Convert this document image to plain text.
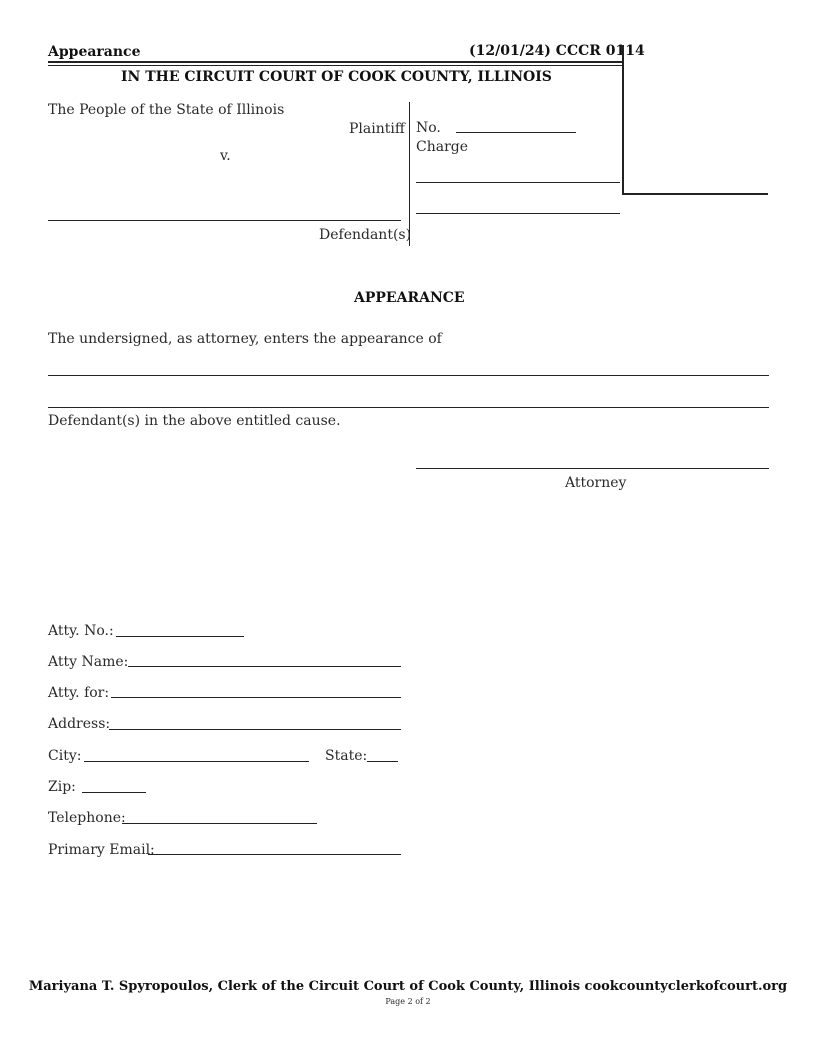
Appearance	(12/01/24) CCCR 0114
IN THE CIRCUIT COURT OF COOK COUNTY, ILLINOIS
The People of the State of Illinois
Plaintiff
v.
Defendant(s)
No.
Charge
APPEARANCE
The undersigned, as attorney, enters the appearance of
Defendant(s) in the above entitled cause.
Attorney
Atty. No.:
Atty Name:
Atty. for:
Address:
City:	State:
Zip:
Telephone:
Primary Email:
Mariyana T. Spyropoulos, Clerk of the Circuit Court of Cook County, Illinois cookcountyclerkofcourt.org
Page 2 of 2
